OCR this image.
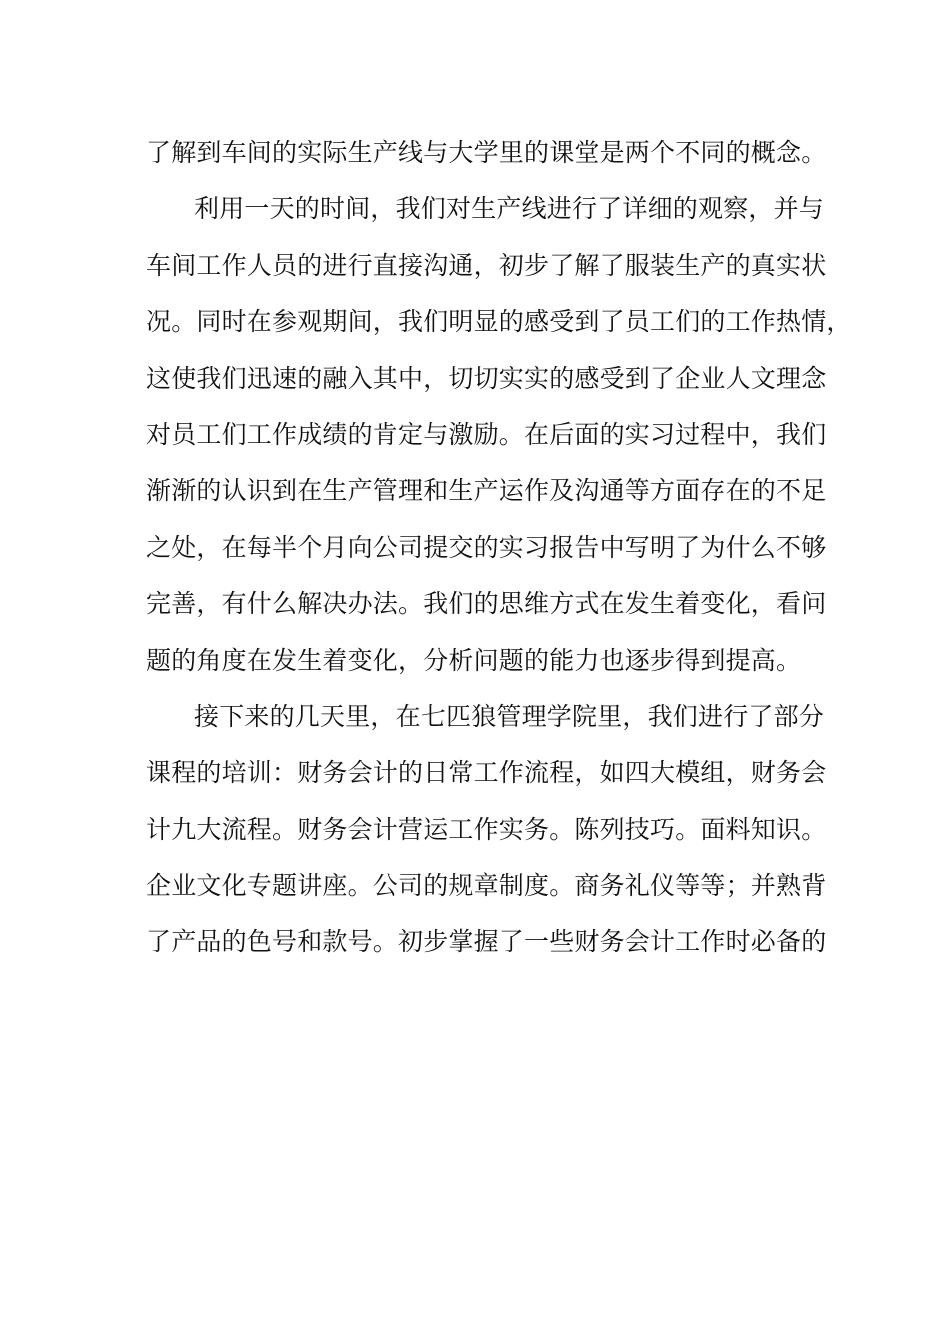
了解到车间的实际生产线与大学里的课堂是两个不同的概念。
利用一天的时间，我们对生产线进行了详细的观察，并与
车间工作人员的进行直接沟通，初步了解了服装生产的真实状
况。同时在参观期间，我们明显的感受到了员工们的工作热情，
这使我们迅速的融入其中，切切实实的感受到了企业人文理念
对员工们工作成绩的肯定与激励。在后面的实习过程中，我们
渐渐的认识到在生产管理和生产运作及沟通等方面存在的不足
之处，在每半个月向公司提交的实习报告中写明了为什么不够
完善，有什么解决办法。我们的思维方式在发生着变化，看问
题的角度在发生着变化，分析问题的能力也逐步得到提高。
接下来的几天里，在七匹狼管理学院里，我们进行了部分
课程的培训：财务会计的日常工作流程，如四大模组，财务会
计九大流程。财务会计营运工作实务。陈列技巧。面料知识。
企业文化专题讲座。公司的规章制度。商务礼仪等等；并熟背
了产品的色号和款号。初步掌握了一些财务会计工作时必备的
